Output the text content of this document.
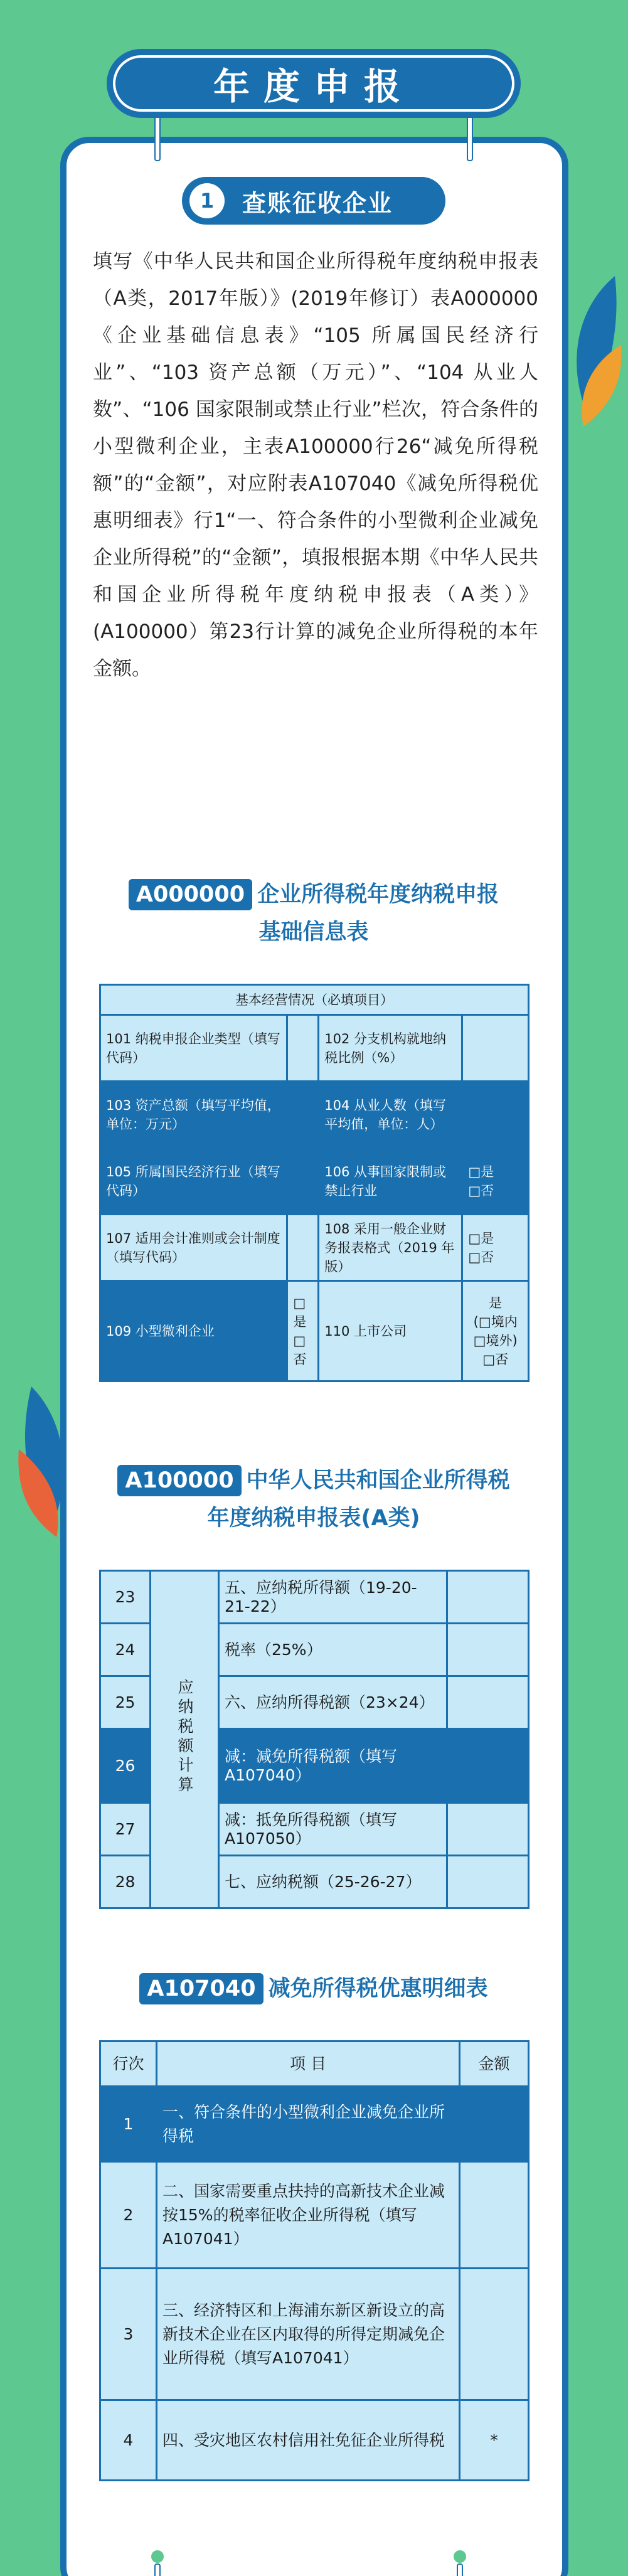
年度申报
1	查账征收企业
填写《中华人民共和国企业所得税年度纳税申报表（A类，2017年版）》(2019年修订）表A000000《企业基础信息表》“105 所属国民经济行业”、“103 资产总额（万元）”、“104 从业人数”、“106 国家限制或禁止行业”栏次，符合条件的小型微利企业，主表A100000行26“减免所得税额”的“金额”，对应附表A107040《减免所得税优惠明细表》行1“一、符合条件的小型微利企业减免企业所得税”的“金额”，填报根据本期《中华人民共和国企业所得税年度纳税申报表（A类）》(A100000）第23行计算的减免企业所得税的本年金额。
A000000 企业所得税年度纳税申报
基础信息表
基本经营情况（必填项目）			
101 纳税申报企业类型（填写代码）		102 分支机构就地纳税比例（%）	
103 资产总额（填写平均值，单位：万元）		104 从业人数（填写平均值，单位：人）	
105 所属国民经济行业（填写代码）		106 从事国家限制或禁止行业	□是
□否
107 适用会计准则或会计制度（填写代码）		108 采用一般企业财务报表格式（2019 年版）	□是
□否
109 小型微利企业	□是
□否	110 上市公司	是
(□境内
□境外)
□否
A100000 中华人民共和国企业所得税
年度纳税申报表(A类)
23	应纳税额计算	五、应纳税所得额（19-20-21-22）	
24		税率（25%）	
25		六、应纳所得税额（23×24）	
26		减：减免所得税额（填写A107040）	
27		减：抵免所得税额（填写A107050）	
28		七、应纳税额（25-26-27）	
A107040 减免所得税优惠明细表
行次	项 目	金额
1	一、符合条件的小型微利企业减免企业所得税	
2	二、国家需要重点扶持的高新技术企业减按15%的税率征收企业所得税（填写A107041）	
3	三、经济特区和上海浦东新区新设立的高新技术企业在区内取得的所得定期减免企业所得税（填写A107041）	
4	四、受灾地区农村信用社免征企业所得税	*
